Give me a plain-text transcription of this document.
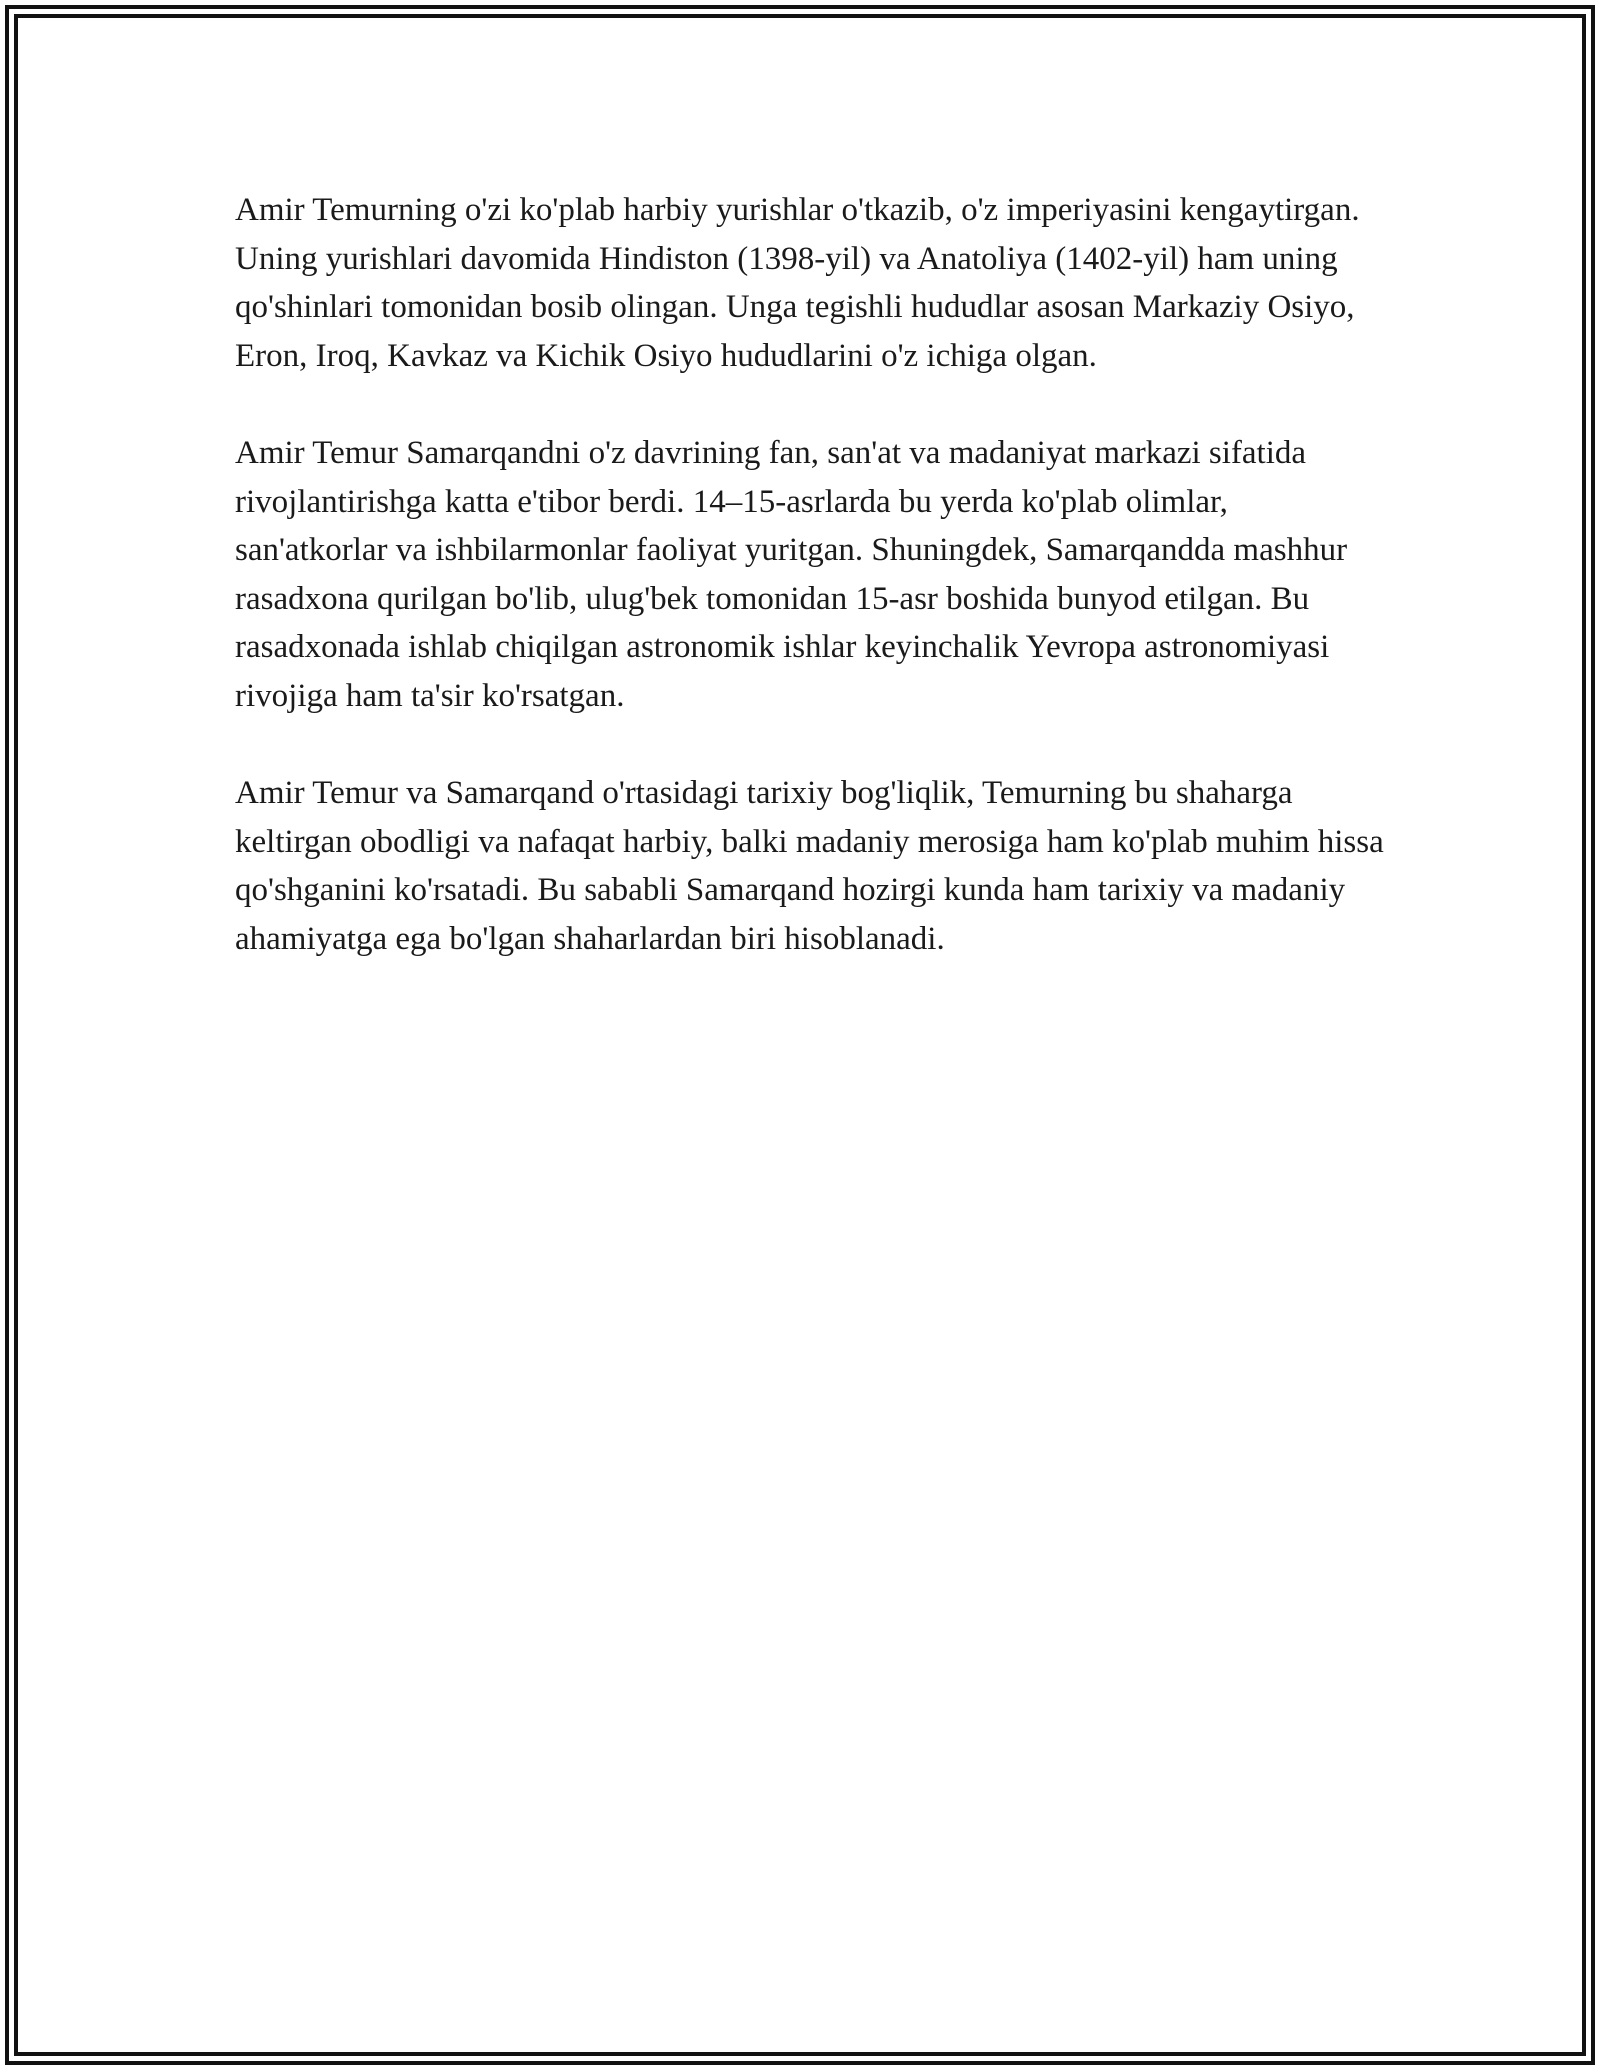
Amir Temurning o'zi ko'plab harbiy yurishlar o'tkazib, o'z imperiyasini kengaytirgan. Uning yurishlari davomida Hindiston (1398-yil) va Anatoliya (1402-yil) ham uning qo'shinlari tomonidan bosib olingan. Unga tegishli hududlar asosan Markaziy Osiyo, Eron, Iroq, Kavkaz va Kichik Osiyo hududlarini o'z ichiga olgan.

Amir Temur Samarqandni o'z davrining fan, san'at va madaniyat markazi sifatida rivojlantirishga katta e'tibor berdi. 14–15-asrlarda bu yerda ko'plab olimlar, san'atkorlar va ishbilarmonlar faoliyat yuritgan. Shuningdek, Samarqandda mashhur rasadxona qurilgan bo'lib, ulug'bek tomonidan 15-asr boshida bunyod etilgan. Bu rasadxonada ishlab chiqilgan astronomik ishlar keyinchalik Yevropa astronomiyasi rivojiga ham ta'sir ko'rsatgan.

Amir Temur va Samarqand o'rtasidagi tarixiy bog'liqlik, Temurning bu shaharga keltirgan obodligi va nafaqat harbiy, balki madaniy merosiga ham ko'plab muhim hissa qo'shganini ko'rsatadi. Bu sababli Samarqand hozirgi kunda ham tarixiy va madaniy ahamiyatga ega bo'lgan shaharlardan biri hisoblanadi.
